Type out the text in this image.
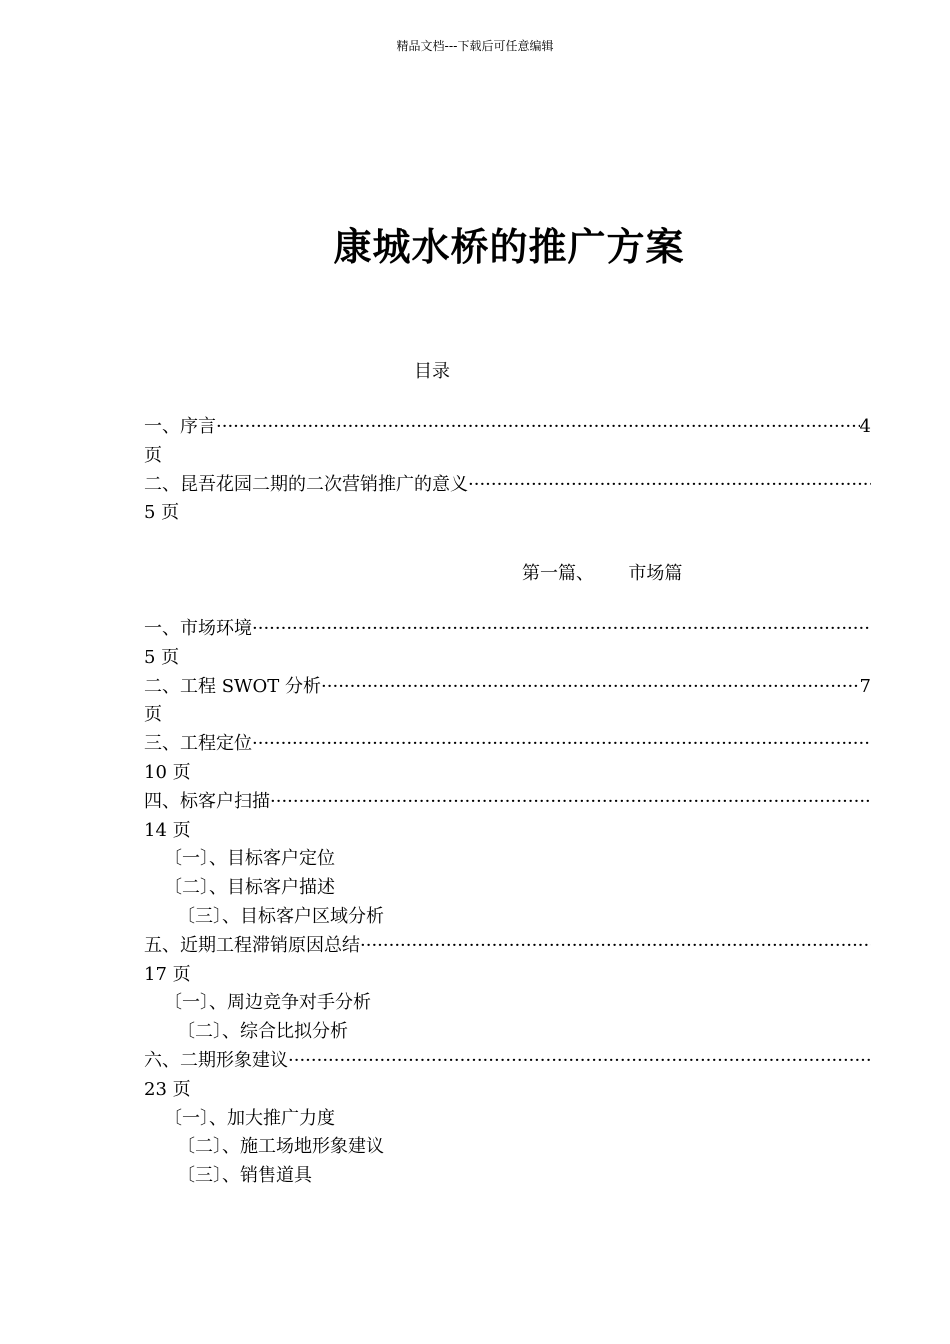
精品文档---下载后可任意编辑
康城水桥的推广方案
目录
一、序言 ·····	4
页
二、昆吾花园二期的二次营销推广的意义
·····
5 页
第一篇、      市场篇
一、市场环境
·····
5 页
二、工程 SWOT 分析 ·····	7
页
三、工程定位
·····
10 页
四、标客户扫描
·····
14 页
〔一〕、目标客户定位
〔二〕、目标客户描述
〔三〕、目标客户区域分析
五、近期工程滞销原因总结
·····
17 页
〔一〕、周边竞争对手分析
〔二〕、综合比拟分析
六、二期形象建议
·····
23 页
〔一〕、加大推广力度
〔二〕、施工场地形象建议
〔三〕、销售道具
